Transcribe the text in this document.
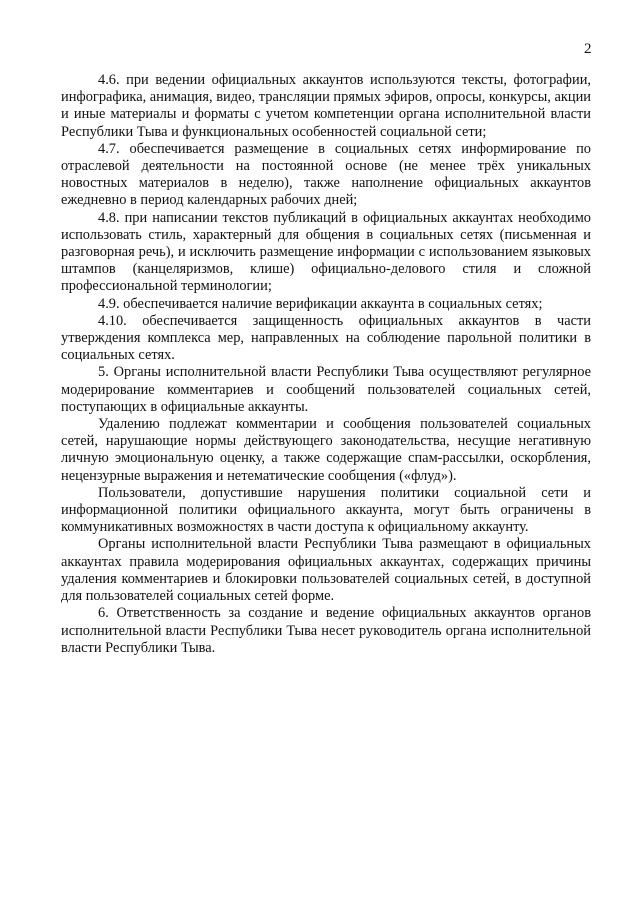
2

4.6. при ведении официальных аккаунтов используются тексты, фотографии, инфографика, анимация, видео, трансляции прямых эфиров, опросы, конкурсы, акции и иные материалы и форматы с учетом компетенции органа исполнительной власти Республики Тыва и функциональных особенностей социальной сети;

4.7. обеспечивается размещение в социальных сетях информирование по отраслевой деятельности на постоянной основе (не менее трёх уникальных новостных материалов в неделю), также наполнение официальных аккаунтов ежедневно в период календарных рабочих дней;

4.8. при написании текстов публикаций в официальных аккаунтах необходимо использовать стиль, характерный для общения в социальных сетях (письменная и разговорная речь), и исключить размещение информации с использованием языковых штампов (канцеляризмов, клише) официально-делового стиля и сложной профессиональной терминологии;

4.9. обеспечивается наличие верификации аккаунта в социальных сетях;

4.10. обеспечивается защищенность официальных аккаунтов в части утверждения комплекса мер, направленных на соблюдение парольной политики в социальных сетях.

5. Органы исполнительной власти Республики Тыва осуществляют регулярное модерирование комментариев и сообщений пользователей социальных сетей, поступающих в официальные аккаунты.

Удалению подлежат комментарии и сообщения пользователей социальных сетей, нарушающие нормы действующего законодательства, несущие негативную личную эмоциональную оценку, а также содержащие спам-рассылки, оскорбления, нецензурные выражения и нетематические сообщения («флуд»).

Пользователи, допустившие нарушения политики социальной сети и информационной политики официального аккаунта, могут быть ограничены в коммуникативных возможностях в части доступа к официальному аккаунту.

Органы исполнительной власти Республики Тыва размещают в официальных аккаунтах правила модерирования официальных аккаунтах, содержащих причины удаления комментариев и блокировки пользователей социальных сетей, в доступной для пользователей социальных сетей форме.

6. Ответственность за создание и ведение официальных аккаунтов органов исполнительной власти Республики Тыва несет руководитель органа исполнительной власти Республики Тыва.
